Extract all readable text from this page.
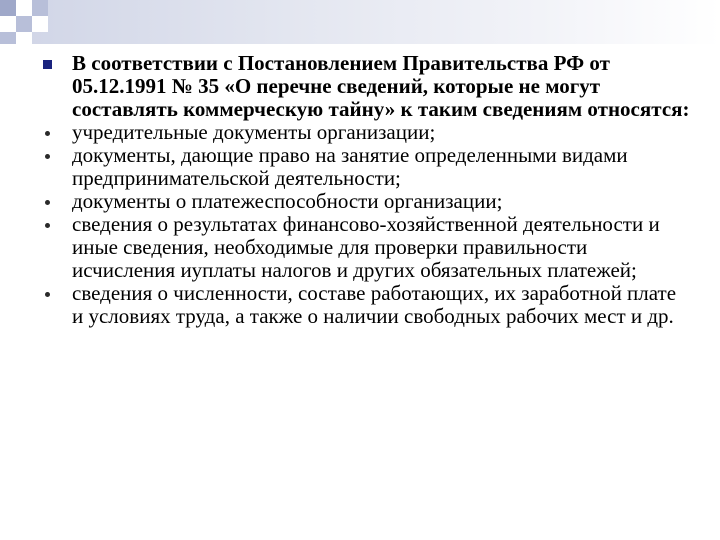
В соответствии с Постановлением Правительства РФ от 05.12.1991 № 35 «О перечне сведений, которые не могут составлять коммерческую тайну» к таким сведениям относятся:

учредительные документы организации;

документы, дающие право на занятие определенными видами предпринимательской деятельности;

документы о платежеспособности организации;

сведения о результатах финансово-хозяйственной деятельности и иные сведения, необходимые для проверки правильности исчисления иуплаты налогов и других обязательных платежей;

сведения о численности, составе работающих, их заработной плате и условиях труда, а также о наличии свободных рабочих мест и др.
